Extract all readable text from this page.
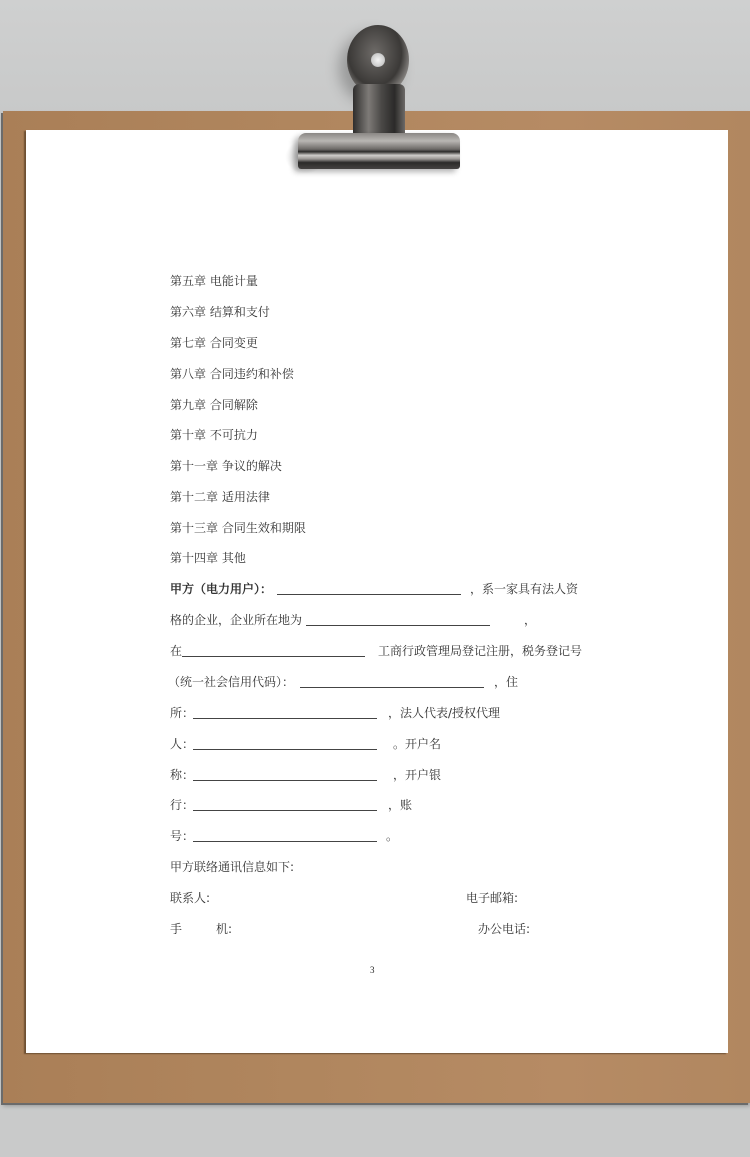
第五章 电能计量
第六章 结算和支付
第七章 合同变更
第八章 合同违约和补偿
第九章 合同解除
第十章 不可抗力
第十一章 争议的解决
第十二章 适用法律
第十三章 合同生效和期限
第十四章 其他
甲方（电力用户）：	，系一家具有法人资
格的企业，企业所在地为	，
在	工商行政管理局登记注册，税务登记号
（统一社会信用代码）：	，住
所：	，法人代表/授权代理
人：	。开户名
称：	，开户银
行：	，账
号：	。
甲方联络通讯信息如下:
联系人:	电子邮箱:
手	机:	办公电话:
3
